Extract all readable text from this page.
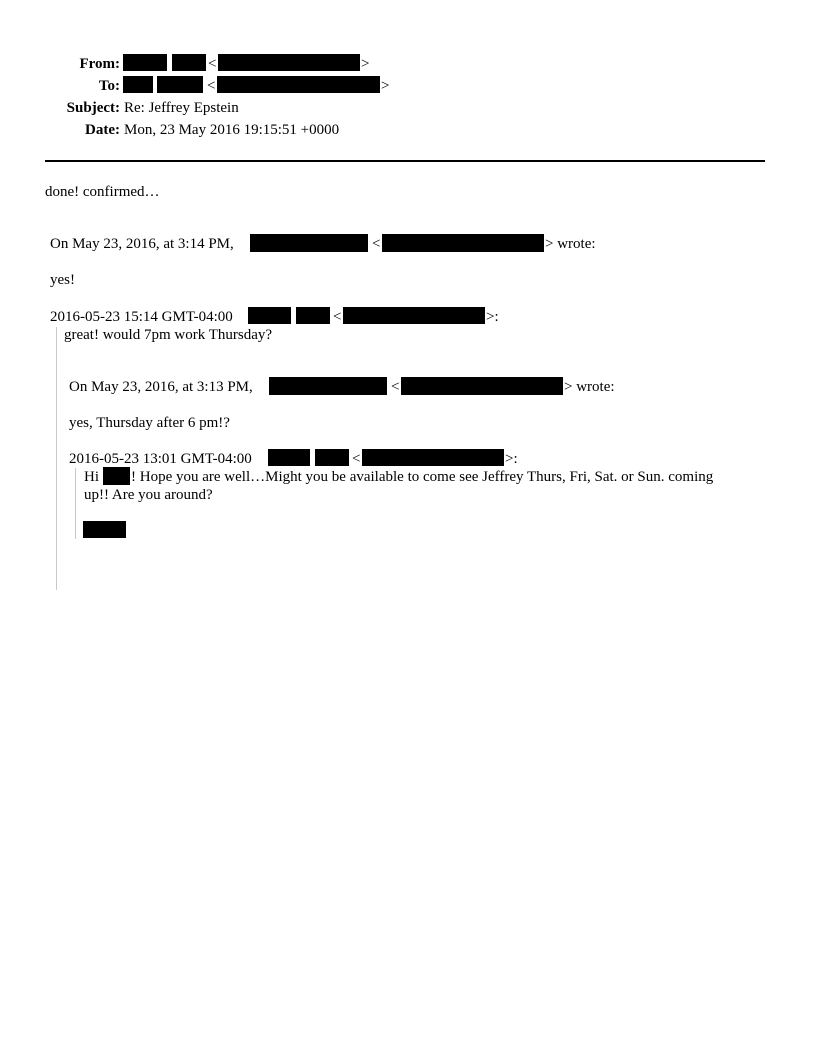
From:	<	>
To:	<	>
Subject: Re: Jeffrey Epstein
Date: Mon, 23 May 2016 19:15:51 +0000
done! confirmed…
On May 23, 2016, at 3:14 PM,	<	> wrote:
yes!
2016-05-23 15:14 GMT-04:00	<	>:
great! would 7pm work Thursday?
On May 23, 2016, at 3:13 PM,	<	> wrote:
yes, Thursday after 6 pm!?
2016-05-23 13:01 GMT-04:00	<	>:
Hi ! Hope you are well…Might you be available to come see Jeffrey Thurs, Fri, Sat. or Sun. coming
up!! Are you around?
